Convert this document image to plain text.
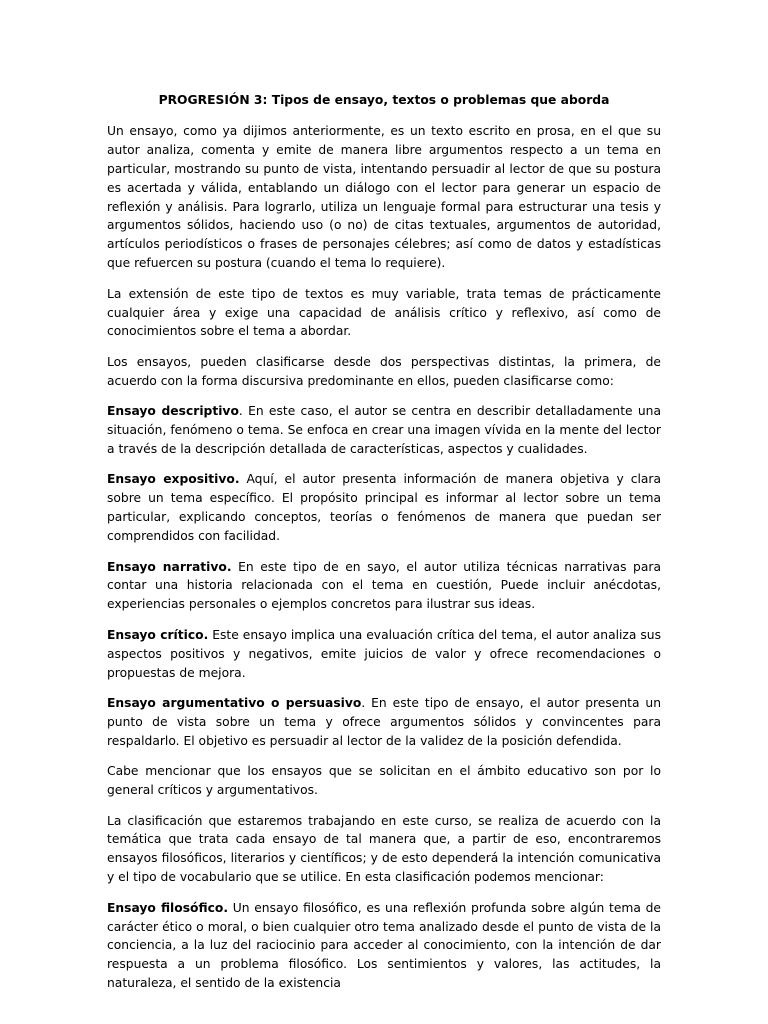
PROGRESIÓN 3: Tipos de ensayo, textos o problemas que aborda

Un ensayo, como ya dijimos anteriormente, es un texto escrito en prosa, en el que su autor analiza, comenta y emite de manera libre argumentos respecto a un tema en particular, mostrando su punto de vista, intentando persuadir al lector de que su postura es acertada y válida, entablando un diálogo con el lector para generar un espacio de reflexión y análisis. Para lograrlo, utiliza un lenguaje formal para estructurar una tesis y argumentos sólidos, haciendo uso (o no) de citas textuales, argumentos de autoridad, artículos periodísticos o frases de personajes célebres; así como de datos y estadísticas que refuercen su postura (cuando el tema lo requiere).

La extensión de este tipo de textos es muy variable, trata temas de prácticamente cualquier área y exige una capacidad de análisis crítico y reflexivo, así como de conocimientos sobre el tema a abordar.

Los ensayos, pueden clasificarse desde dos perspectivas distintas, la primera, de acuerdo con la forma discursiva predominante en ellos, pueden clasificarse como:

Ensayo descriptivo. En este caso, el autor se centra en describir detalladamente una situación, fenómeno o tema. Se enfoca en crear una imagen vívida en la mente del lector a través de la descripción detallada de características, aspectos y cualidades.

Ensayo expositivo. Aquí, el autor presenta información de manera objetiva y clara sobre un tema específico. El propósito principal es informar al lector sobre un tema particular, explicando conceptos, teorías o fenómenos de manera que puedan ser comprendidos con facilidad.

Ensayo narrativo. En este tipo de en sayo, el autor utiliza técnicas narrativas para contar una historia relacionada con el tema en cuestión, Puede incluir anécdotas, experiencias personales o ejemplos concretos para ilustrar sus ideas.

Ensayo crítico. Este ensayo implica una evaluación crítica del tema, el autor analiza sus aspectos positivos y negativos, emite juicios de valor y ofrece recomendaciones o propuestas de mejora.

Ensayo argumentativo o persuasivo. En este tipo de ensayo, el autor presenta un punto de vista sobre un tema y ofrece argumentos sólidos y convincentes para respaldarlo. El objetivo es persuadir al lector de la validez de la posición defendida.

Cabe mencionar que los ensayos que se solicitan en el ámbito educativo son por lo general críticos y argumentativos.

La clasificación que estaremos trabajando en este curso, se realiza de acuerdo con la temática que trata cada ensayo de tal manera que, a partir de eso, encontraremos ensayos filosóficos, literarios y científicos; y de esto dependerá la intención comunicativa y el tipo de vocabulario que se utilice. En esta clasificación podemos mencionar:

Ensayo filosófico. Un ensayo filosófico, es una reflexión profunda sobre algún tema de carácter ético o moral, o bien cualquier otro tema analizado desde el punto de vista de la conciencia, a la luz del raciocinio para acceder al conocimiento, con la intención de dar respuesta a un problema filosófico. Los sentimientos y valores, las actitudes, la naturaleza, el sentido de la existencia
